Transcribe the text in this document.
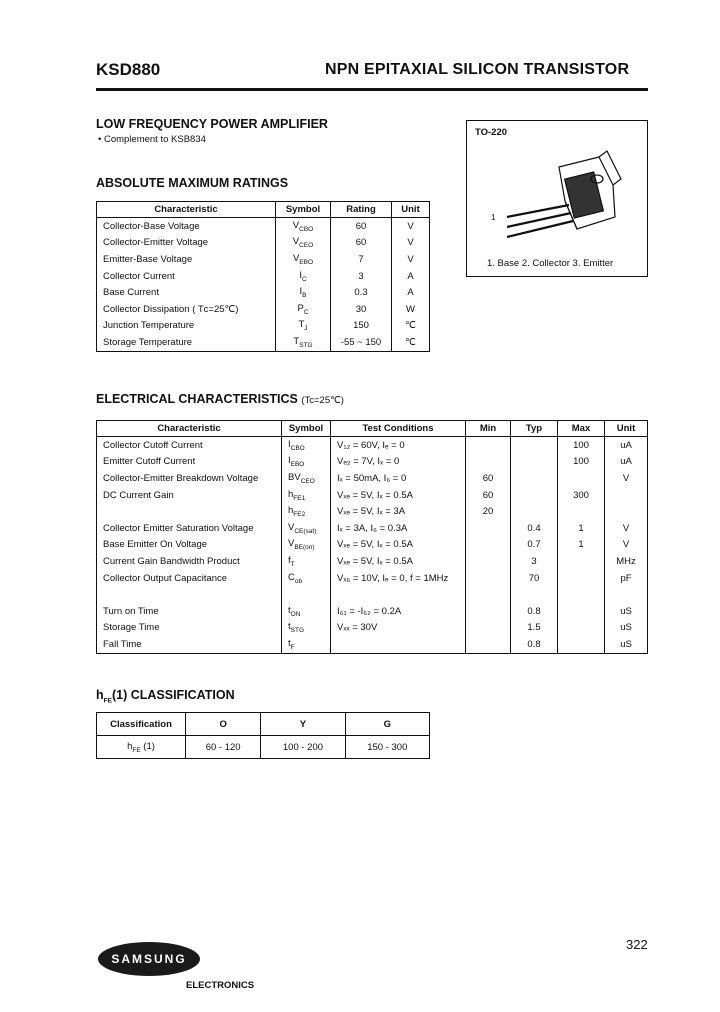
KSD880	NPN EPITAXIAL SILICON TRANSISTOR
LOW FREQUENCY POWER AMPLIFIER
• Complement to KSB834
TO-220
1
1. Base 2. Collector 3. Emitter
ABSOLUTE MAXIMUM RATINGS
Characteristic	Symbol	Rating	Unit
Collector-Base Voltage	$V_{CBO}$	60	V
Collector-Emitter Voltage	$V_{CEO}$	60	V
Emitter-Base Voltage	$V_{EBO}$	7	V
Collector Current	$I_C$	3	A
Base Current	$I_B$	0.3	A
Collector Dissipation ( Tс=25℃)	$P_C$	30	W
Junction Temperature	$T_J$	150	℃
Storage Temperature	$T_{STG}$	-55 ~ 150	℃
ELECTRICAL CHARACTERISTICS (Tc=25℃)
Characteristic	Symbol	Test Conditions	Min	Typ	Max	Unit
Collector Cutoff Current	$I_{CBO}$	V₁₂ = 60V, Iₑ = 0			100	uA
Emitter Cutoff Current	$I_{EBO}$	Vₑ₂ = 7V, Iₓ = 0			100	uA
Collector-Emitter Breakdown Voltage	$BV_{CEO}$	Iₓ = 50mA, I₆ = 0	60			V
DC Current Gain	$h_{FE1}$	Vₓₑ = 5V, Iₓ = 0.5A	60		300	
	$h_{FE2}$	Vₓₑ = 5V, Iₓ = 3A	20			
Collector Emitter Saturation Voltage	$V_{CE(sat)}$	Iₓ = 3A, I₆ = 0.3A		0.4	1	V
Base Emitter On Voltage	$V_{BE(on)}$	Vₓₑ = 5V, Iₓ = 0.5A		0.7	1	V
Current Gain Bandwidth Product	$f_T$	Vₓₑ = 5V, Iₓ = 0.5A		3		MHz
Collector Output Capacitance	$C_{ob}$	Vₓ₆ = 10V, Iₑ = 0, f = 1MHz		70		pF

Turn on Time	$t_{ON}$	I₆₁ = -I₆₂ = 0.2A		0.8		uS
Storage Time	$t_{STG}$	Vₓₓ = 30V		1.5		uS
Fall Time	$t_F$			0.8		uS
$h_{FE}(1)$ CLASSIFICATION
Classification	O	Y	G
$h_{FE}$ (1)	60 - 120	100 - 200	150 - 300
SAMSUNG
ELECTRONICS
322
